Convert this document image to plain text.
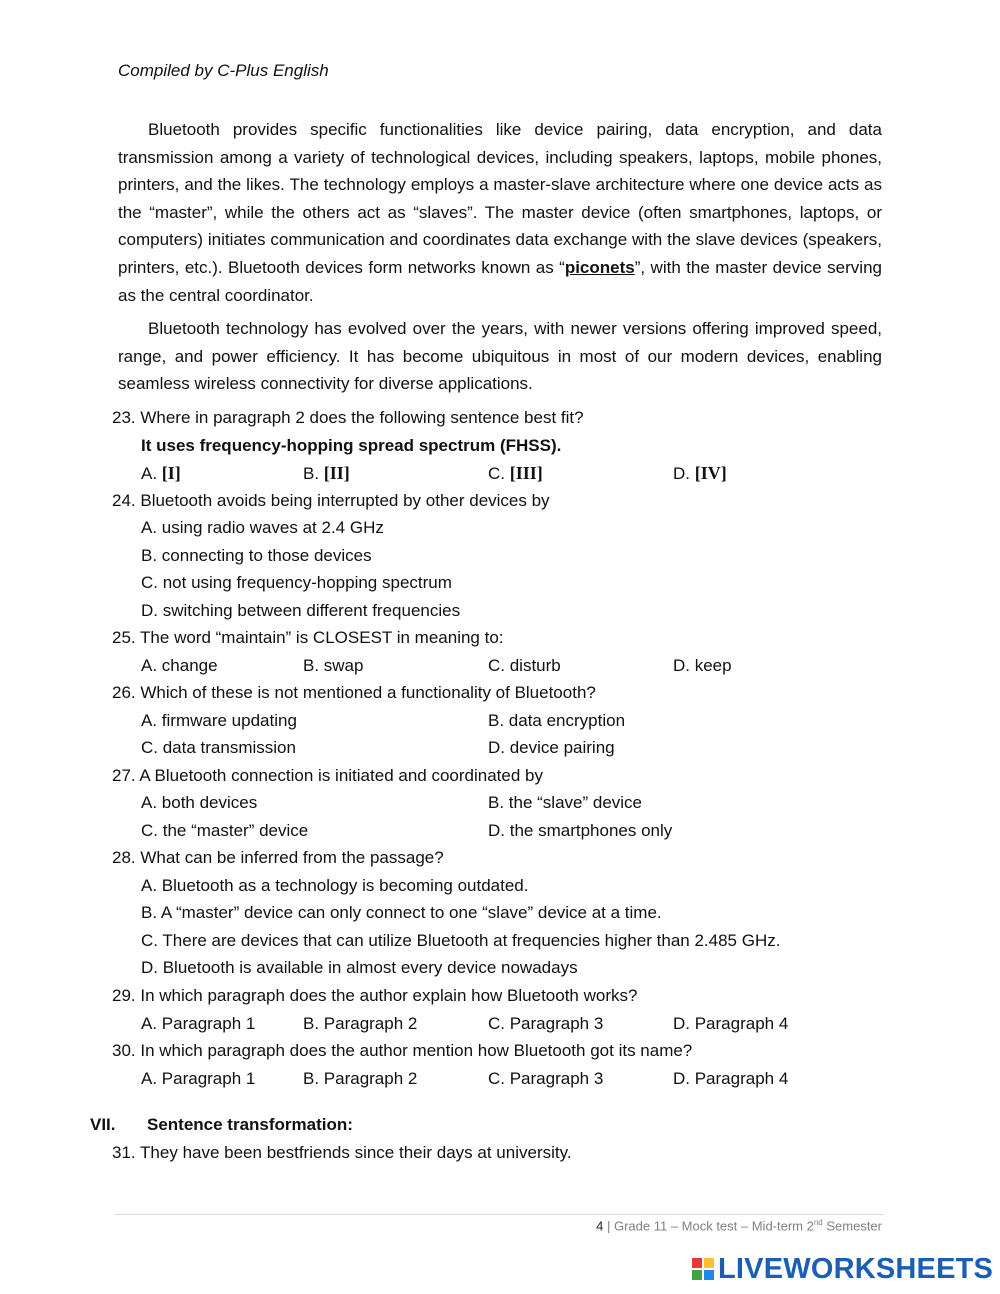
Compiled by C-Plus English
Bluetooth provides specific functionalities like device pairing, data encryption, and data transmission among a variety of technological devices, including speakers, laptops, mobile phones, printers, and the likes. The technology employs a master-slave architecture where one device acts as the “master”, while the others act as “slaves”. The master device (often smartphones, laptops, or computers) initiates communication and coordinates data exchange with the slave devices (speakers, printers, etc.). Bluetooth devices form networks known as “piconets”, with the master device serving as the central coordinator.
Bluetooth technology has evolved over the years, with newer versions offering improved speed, range, and power efficiency. It has become ubiquitous in most of our modern devices, enabling seamless wireless connectivity for diverse applications.
23. Where in paragraph 2 does the following sentence best fit?
It uses frequency-hopping spread spectrum (FHSS).
A. [I]	B. [II]	C. [III]	D. [IV]
24. Bluetooth avoids being interrupted by other devices by
A. using radio waves at 2.4 GHz
B. connecting to those devices
C. not using frequency-hopping spectrum
D. switching between different frequencies
25. The word “maintain” is CLOSEST in meaning to:
A. change	B. swap	C. disturb	D. keep
26. Which of these is not mentioned a functionality of Bluetooth?
A. firmware updating	B. data encryption
C. data transmission	D. device pairing
27. A Bluetooth connection is initiated and coordinated by
A. both devices	B. the “slave” device
C. the “master” device	D. the smartphones only
28. What can be inferred from the passage?
A. Bluetooth as a technology is becoming outdated.
B. A “master” device can only connect to one “slave” device at a time.
C. There are devices that can utilize Bluetooth at frequencies higher than 2.485 GHz.
D. Bluetooth is available in almost every device nowadays
29. In which paragraph does the author explain how Bluetooth works?
A. Paragraph 1	B. Paragraph 2	C. Paragraph 3	D. Paragraph 4
30. In which paragraph does the author mention how Bluetooth got its name?
A. Paragraph 1	B. Paragraph 2	C. Paragraph 3	D. Paragraph 4
VII. Sentence transformation:
31. They have been bestfriends since their days at university.
4 | Grade 11 – Mock test – Mid-term 2nd Semester
LIVEWORKSHEETS
